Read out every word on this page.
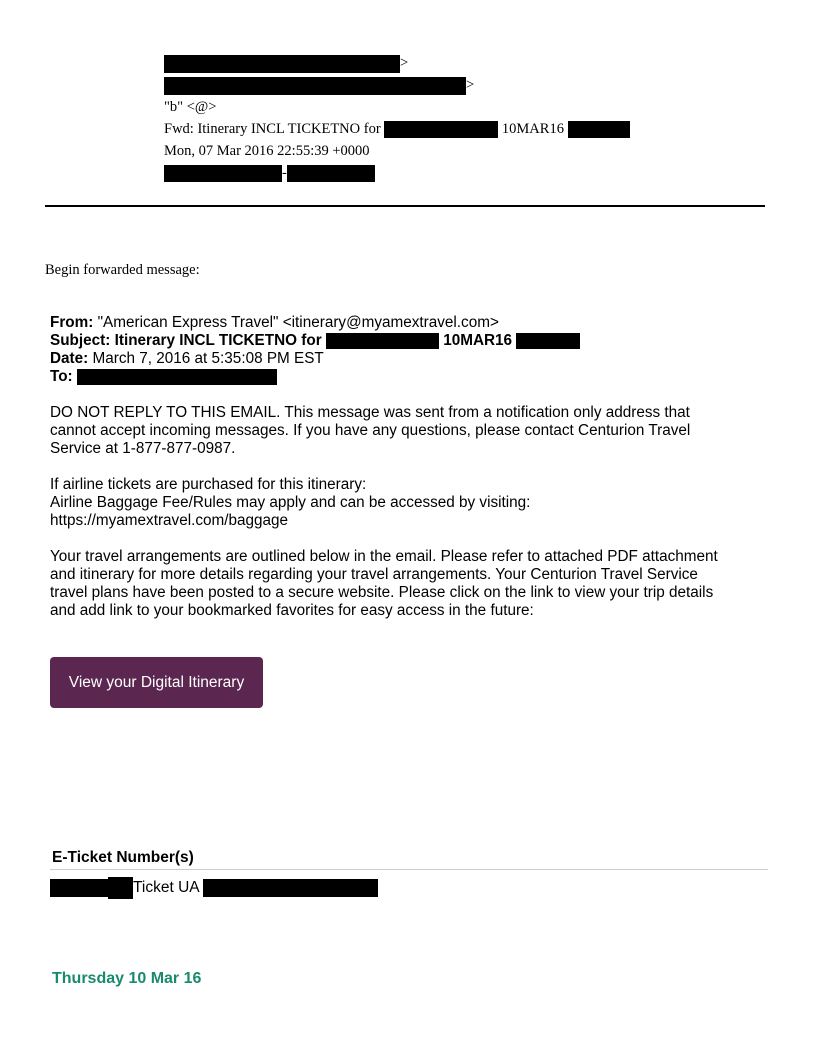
>
>
"b" <@>
Fwd: Itinerary INCL TICKETNO for	10MAR16
Mon, 07 Mar 2016 22:55:39 +0000
-
Begin forwarded message:
From: "American Express Travel" <itinerary@myamextravel.com>
Subject: Itinerary INCL TICKETNO for	10MAR16
Date: March 7, 2016 at 5:35:08 PM EST
To:

DO NOT REPLY TO THIS EMAIL. This message was sent from a notification only address that
cannot accept incoming messages. If you have any questions, please contact Centurion Travel
Service at 1-877-877-0987.

If airline tickets are purchased for this itinerary:
Airline Baggage Fee/Rules may apply and can be accessed by visiting:
https://myamextravel.com/baggage

Your travel arrangements are outlined below in the email. Please refer to attached PDF attachment
and itinerary for more details regarding your travel arrangements. Your Centurion Travel Service
travel plans have been posted to a secure website. Please click on the link to view your trip details
and add link to your bookmarked favorites for easy access in the future:

View your Digital Itinerary
E-Ticket Number(s)
Ticket UA
Thursday 10 Mar 16
